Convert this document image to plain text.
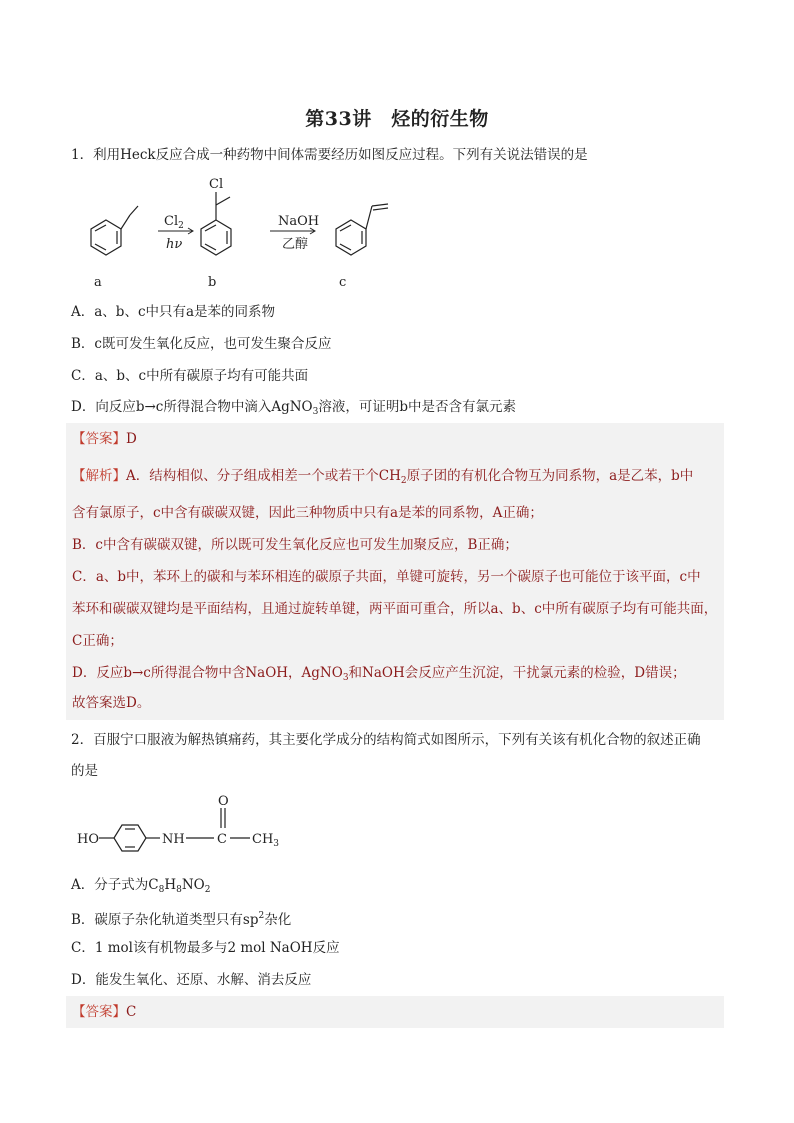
第33讲　烃的衍生物
1．利用Heck反应合成一种药物中间体需要经历如图反应过程。下列有关说法错误的是
$Cl_2$
hν
Cl
NaOH
乙醇
a	b	c
A．a、b、c中只有a是苯的同系物
B．c既可发生氧化反应，也可发生聚合反应
C．a、b、c中所有碳原子均有可能共面
D．向反应b→c所得混合物中滴入AgNO$_3$溶液，可证明b中是否含有氯元素
【答案】D
【解析】A．结构相似、分子组成相差一个或若干个$CH_2$原子团的有机化合物互为同系物，a是乙苯，b中
含有氯原子，c中含有碳碳双键，因此三种物质中只有a是苯的同系物，A正确；
B．c中含有碳碳双键，所以既可发生氧化反应也可发生加聚反应，B正确；
C．a、b中，苯环上的碳和与苯环相连的碳原子共面，单键可旋转，另一个碳原子也可能位于该平面，c中
苯环和碳碳双键均是平面结构，且通过旋转单键，两平面可重合，所以a、b、c中所有碳原子均有可能共面，
C正确；
D．反应b→c所得混合物中含NaOH，AgNO$_3$和NaOH会反应产生沉淀，干扰氯元素的检验，D错误；
故答案选D。
2．百服宁口服液为解热镇痛药，其主要化学成分的结构简式如图所示，下列有关该有机化合物的叙述正确
的是
HO	NH C
O
$CH_3$
A．分子式为$C_8H_8NO_2$
B．碳原子杂化轨道类型只有$sp^2$杂化
C．1 mol该有机物最多与2 mol NaOH反应
D．能发生氧化、还原、水解、消去反应
【答案】C
